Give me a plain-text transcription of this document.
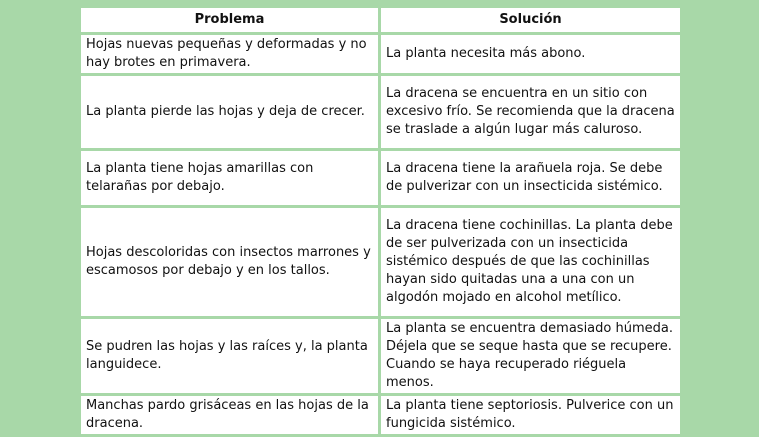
Problema	Solución
Hojas nuevas pequeñas y deformadas y no hay brotes en primavera.	La planta necesita más abono.
La planta pierde las hojas y deja de crecer.	La dracena se encuentra en un sitio con excesivo frío. Se recomienda que la dracena se traslade a algún lugar más caluroso.
La planta tiene hojas amarillas con telarañas por debajo.	La dracena tiene la arañuela roja. Se debe de pulverizar con un insecticida sistémico.
Hojas descoloridas con insectos marrones y escamosos por debajo y en los tallos.	La dracena tiene cochinillas. La planta debe de ser pulverizada con un insecticida sistémico después de que las cochinillas hayan sido quitadas una a una con un algodón mojado en alcohol metílico.
Se pudren las hojas y las raíces y, la planta languidece.	La planta se encuentra demasiado húmeda. Déjela que se seque hasta que se recupere. Cuando se haya recuperado riéguela menos.
Manchas pardo grisáceas en las hojas de la dracena.	La planta tiene septoriosis. Pulverice con un fungicida sistémico.
